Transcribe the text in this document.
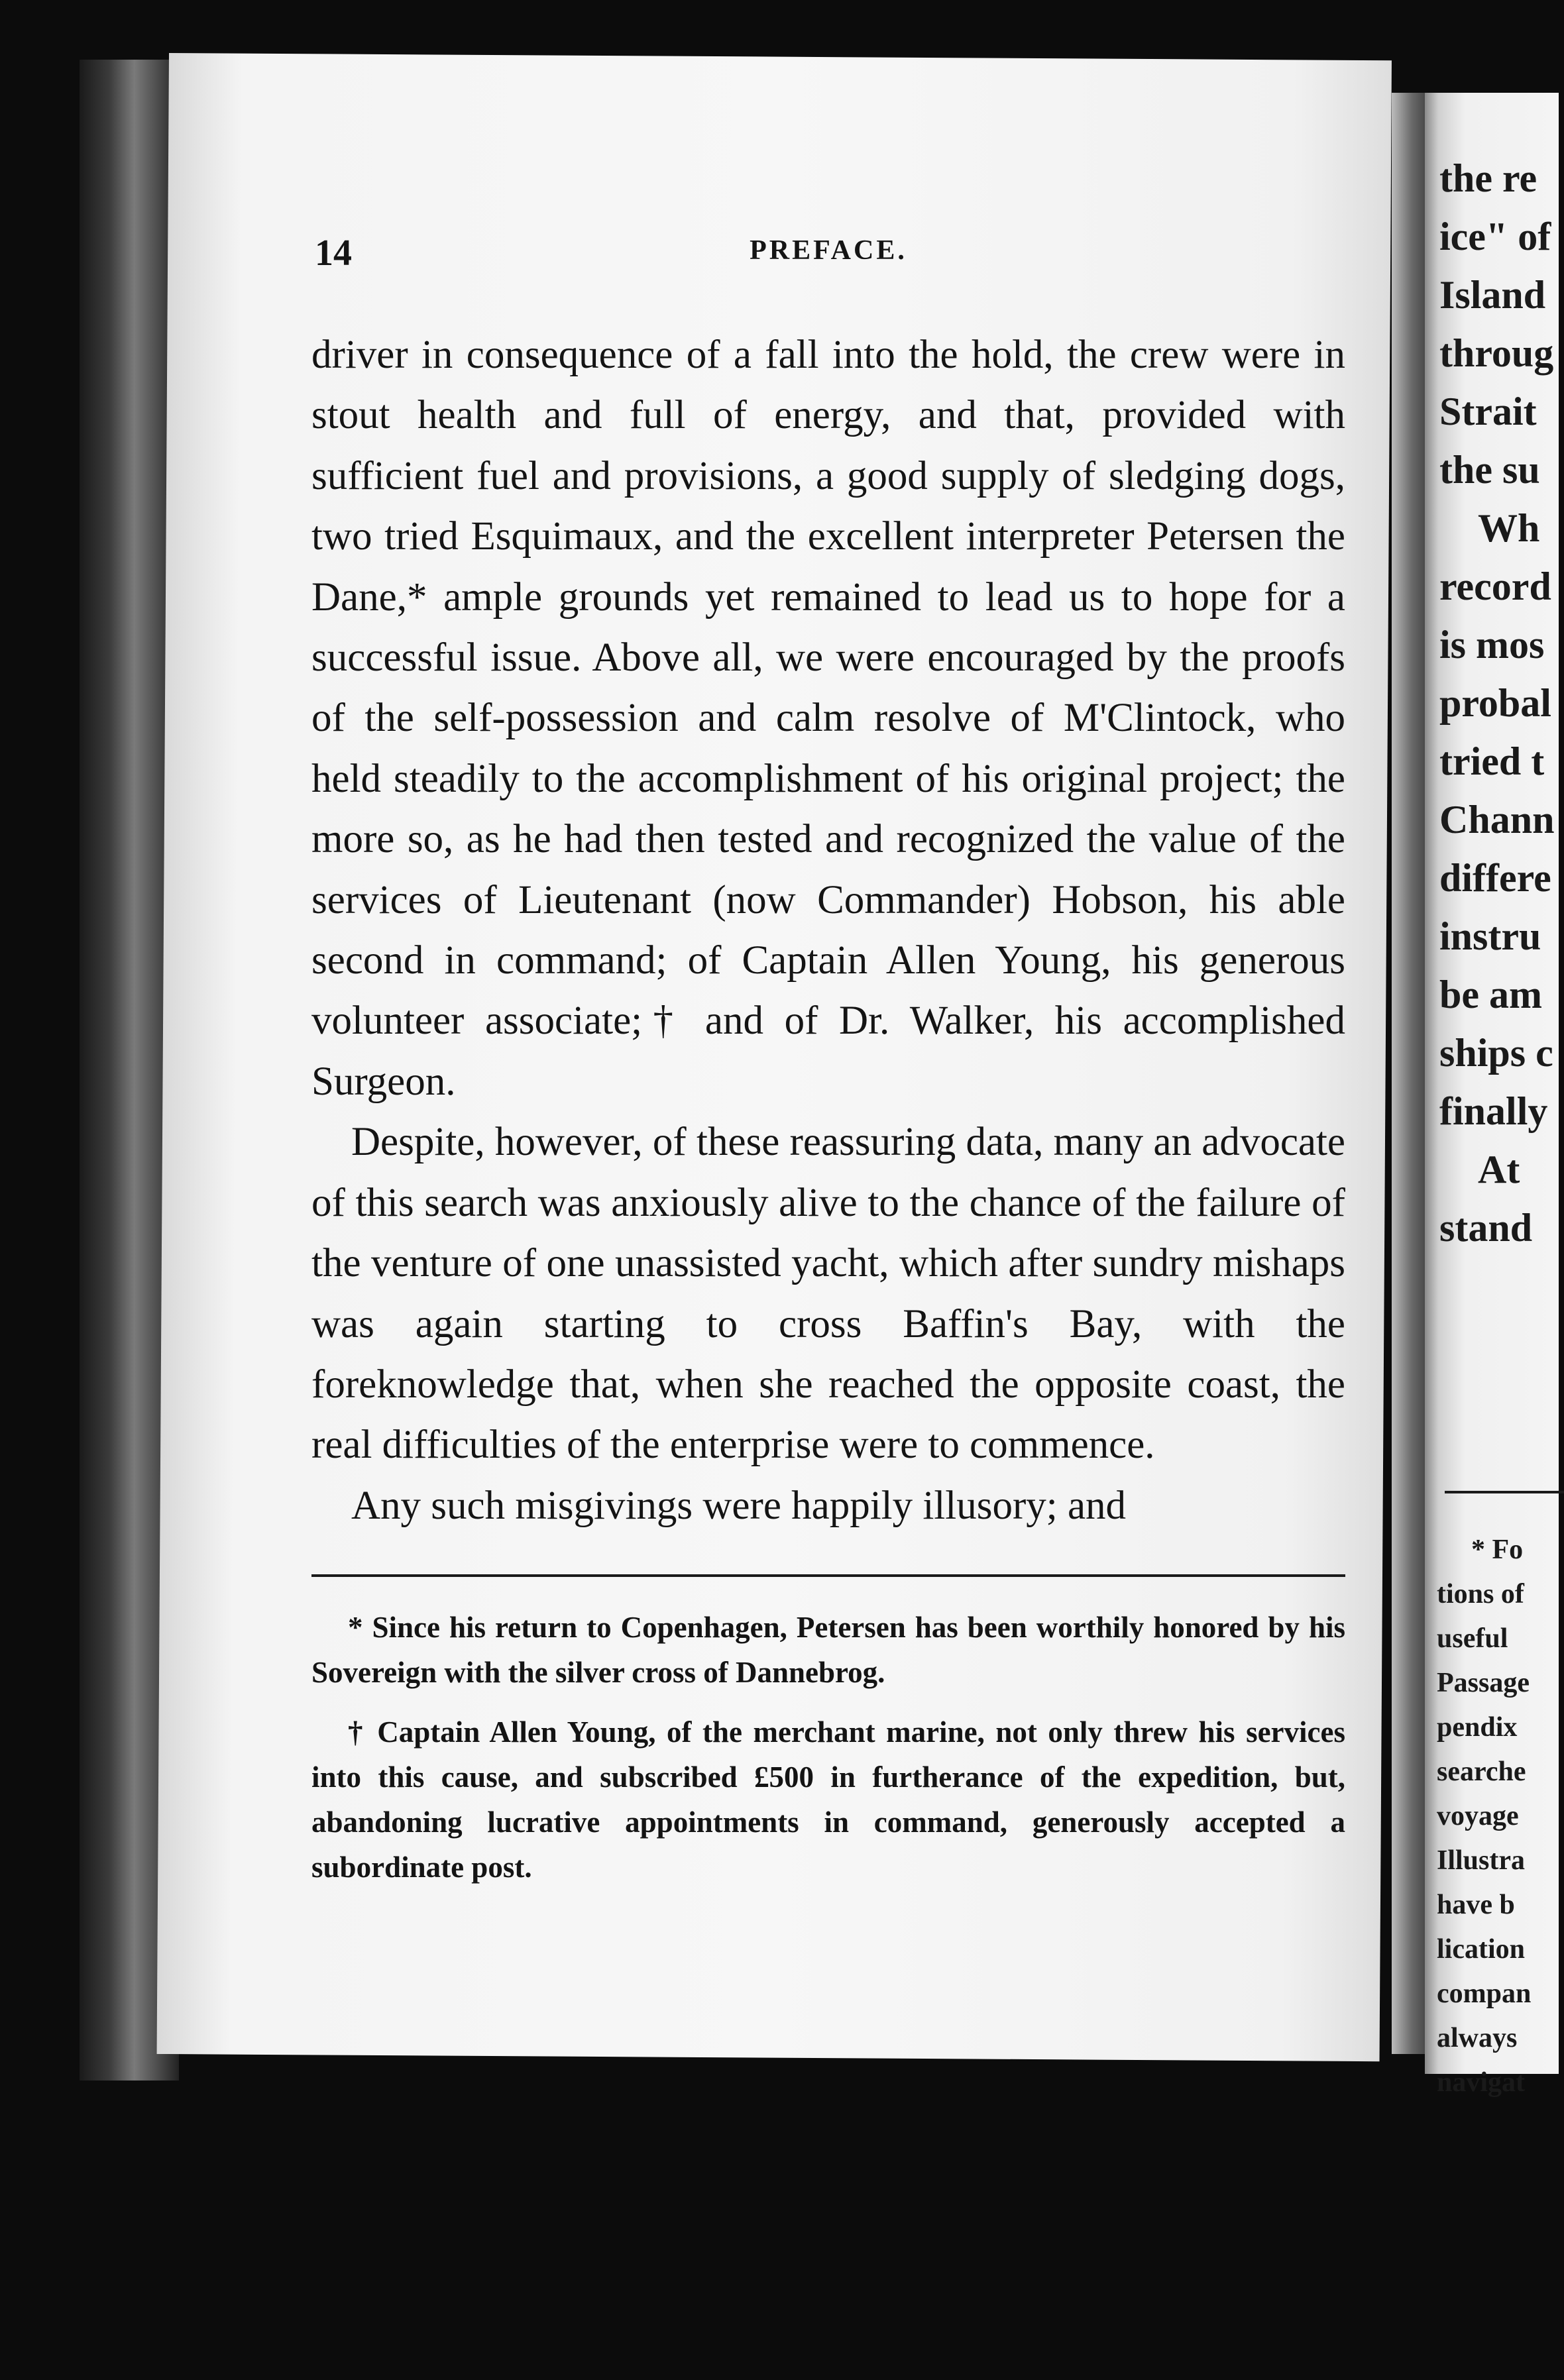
the re
ice" of
Island
throug
Strait
the su
Wh
record
is mos
probal
tried t
Chann
differe
instru
be am
ships c
finally
At
stand
* Fo
tions of
useful
Passage
pendix
searche
voyage
Illustra
have b
lication
compan
always
navigat
14	PREFACE.

driver in consequence of a fall into the hold, the crew were in stout health and full of energy, and that, provided with sufficient fuel and provisions, a good supply of sledging dogs, two tried Esquimaux, and the excellent interpreter Petersen the Dane,* ample grounds yet remained to lead us to hope for a successful issue. Above all, we were encouraged by the proofs of the self-possession and calm resolve of M'Clintock, who held steadily to the accomplishment of his original project; the more so, as he had then tested and recognized the value of the services of Lieutenant (now Commander) Hobson, his able second in command; of Captain Allen Young, his generous volunteer associate;† and of Dr. Walker, his accomplished Surgeon.

Despite, however, of these reassuring data, many an advocate of this search was anxiously alive to the chance of the failure of the venture of one unassisted yacht, which after sundry mishaps was again starting to cross Baffin's Bay, with the foreknowledge that, when she reached the opposite coast, the real difficulties of the enterprise were to commence.

Any such misgivings were happily illusory; and

* Since his return to Copenhagen, Petersen has been worthily honored by his Sovereign with the silver cross of Dannebrog.

† Captain Allen Young, of the merchant marine, not only threw his services into this cause, and subscribed £500 in furtherance of the expedition, but, abandoning lucrative appointments in command, generously accepted a subordinate post.
